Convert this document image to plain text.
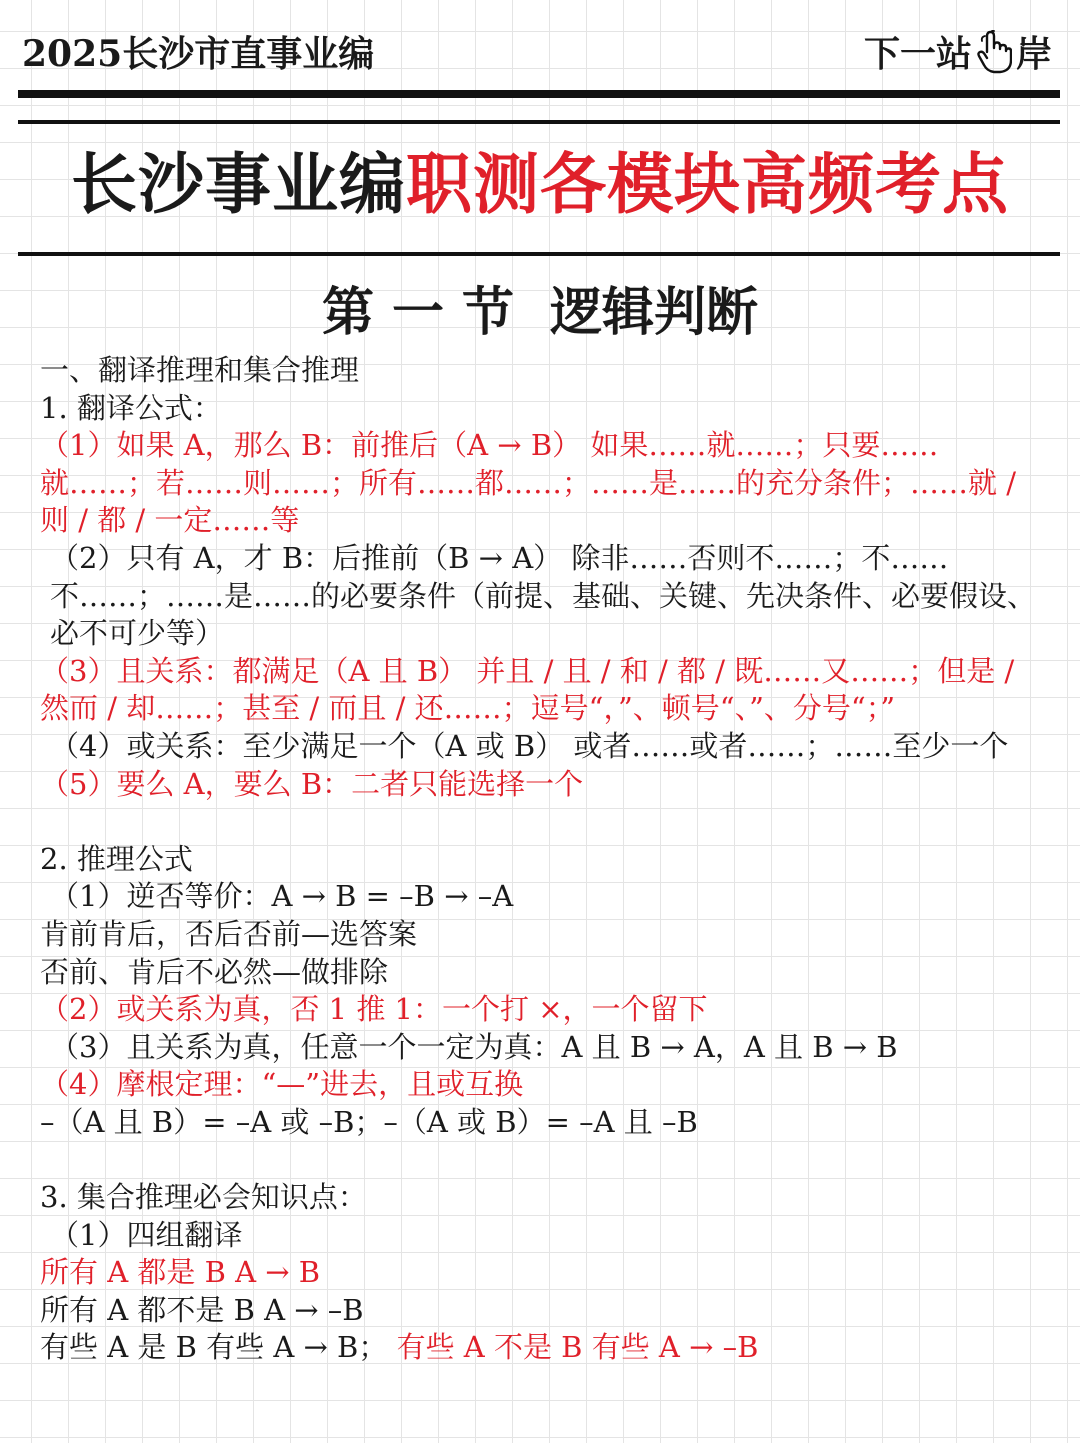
2025长沙市直事业编	下一站 岸
长沙事业编职测各模块高频考点
第一节 逻辑判断

一、翻译推理和集合推理

1. 翻译公式：

（1）如果 A，那么 B：前推后（A → B） 如果……就……；只要……就……；若……则……；所有……都……；……是……的充分条件；……就 / 则 / 都 / 一定……等

（2）只有 A，才 B：后推前（B → A） 除非……否则不……；不……不……；……是……的必要条件（前提、基础、关键、先决条件、必要假设、必不可少等）

（3）且关系：都满足（A 且 B） 并且 / 且 / 和 / 都 / 既……又……；但是 / 然而 / 却……；甚至 / 而且 / 还……；逗号“，”、顿号“、”、分号“；”

（4）或关系：至少满足一个（A 或 B） 或者……或者……；……至少一个

（5）要么 A，要么 B：二者只能选择一个

2. 推理公式

（1）逆否等价：A → B = –B → –A

肯前肯后，否后否前—选答案

否前、肯后不必然—做排除

（2）或关系为真，否 1 推 1：一个打 ×，一个留下

（3）且关系为真，任意一个一定为真：A 且 B → A，A 且 B → B

（4）摩根定理：“—”进去，且或互换

–（A 且 B）= –A 或 –B；–（A 或 B）= –A 且 –B

3. 集合推理必会知识点：

（1）四组翻译

所有 A 都是 B A → B

所有 A 都不是 B A → –B

有些 A 是 B 有些 A → B； 有些 A 不是 B 有些 A → –B
